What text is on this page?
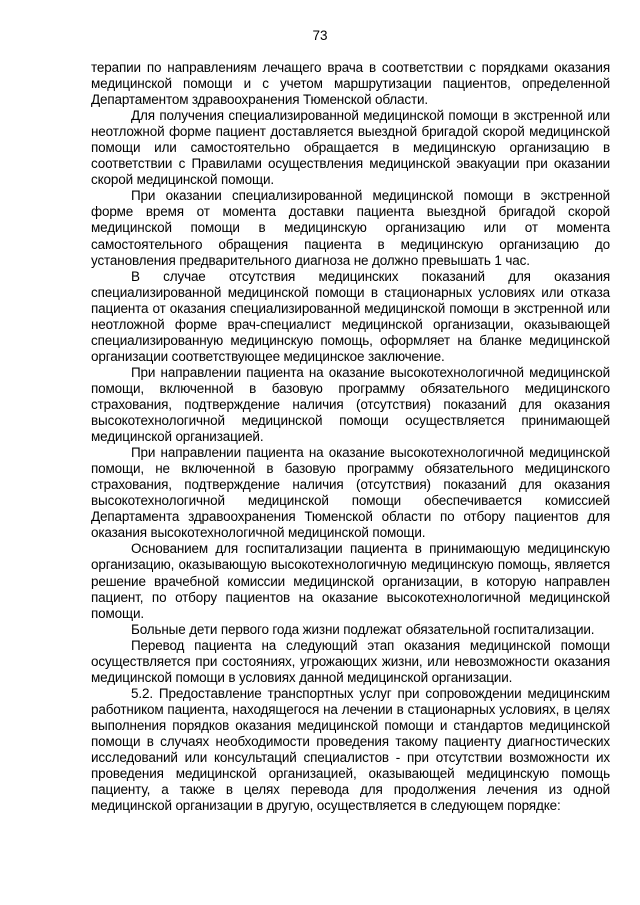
73

терапии по направлениям лечащего врача в соответствии с порядками оказания медицинской помощи и с учетом маршрутизации пациентов, определенной Департаментом здравоохранения Тюменской области.

Для получения специализированной медицинской помощи в экстренной или неотложной форме пациент доставляется выездной бригадой скорой медицинской помощи или самостоятельно обращается в медицинскую организацию в соответствии с Правилами осуществления медицинской эвакуации при оказании скорой медицинской помощи.

При оказании специализированной медицинской помощи в экстренной форме время от момента доставки пациента выездной бригадой скорой медицинской помощи в медицинскую организацию или от момента самостоятельного обращения пациента в медицинскую организацию до установления предварительного диагноза не должно превышать 1 час.

В случае отсутствия медицинских показаний для оказания специализированной медицинской помощи в стационарных условиях или отказа пациента от оказания специализированной медицинской помощи в экстренной или неотложной форме врач-специалист медицинской организации, оказывающей специализированную медицинскую помощь, оформляет на бланке медицинской организации соответствующее медицинское заключение.

При направлении пациента на оказание высокотехнологичной медицинской помощи, включенной в базовую программу обязательного медицинского страхования, подтверждение наличия (отсутствия) показаний для оказания высокотехнологичной медицинской помощи осуществляется принимающей медицинской организацией.

При направлении пациента на оказание высокотехнологичной медицинской помощи, не включенной в базовую программу обязательного медицинского страхования, подтверждение наличия (отсутствия) показаний для оказания высокотехнологичной медицинской помощи обеспечивается комиссией Департамента здравоохранения Тюменской области по отбору пациентов для оказания высокотехнологичной медицинской помощи.

Основанием для госпитализации пациента в принимающую медицинскую организацию, оказывающую высокотехнологичную медицинскую помощь, является решение врачебной комиссии медицинской организации, в которую направлен пациент, по отбору пациентов на оказание высокотехнологичной медицинской помощи.

Больные дети первого года жизни подлежат обязательной госпитализации.

Перевод пациента на следующий этап оказания медицинской помощи осуществляется при состояниях, угрожающих жизни, или невозможности оказания медицинской помощи в условиях данной медицинской организации.

5.2. Предоставление транспортных услуг при сопровождении медицинским работником пациента, находящегося на лечении в стационарных условиях, в целях выполнения порядков оказания медицинской помощи и стандартов медицинской помощи в случаях необходимости проведения такому пациенту диагностических исследований или консультаций специалистов - при отсутствии возможности их проведения медицинской организацией, оказывающей медицинскую помощь пациенту, а также в целях перевода для продолжения лечения из одной медицинской организации в другую, осуществляется в следующем порядке:
